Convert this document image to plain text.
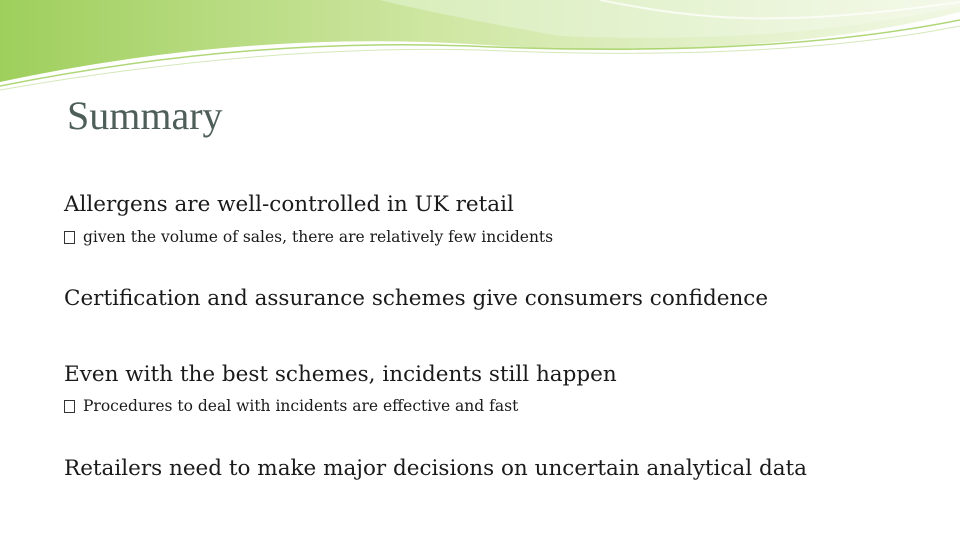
Summary
Allergens are well-controlled in UK retail
given the volume of sales, there are relatively few incidents
Certification and assurance schemes give consumers confidence
Even with the best schemes, incidents still happen
Procedures to deal with incidents are effective and fast
Retailers need to make major decisions on uncertain analytical data
